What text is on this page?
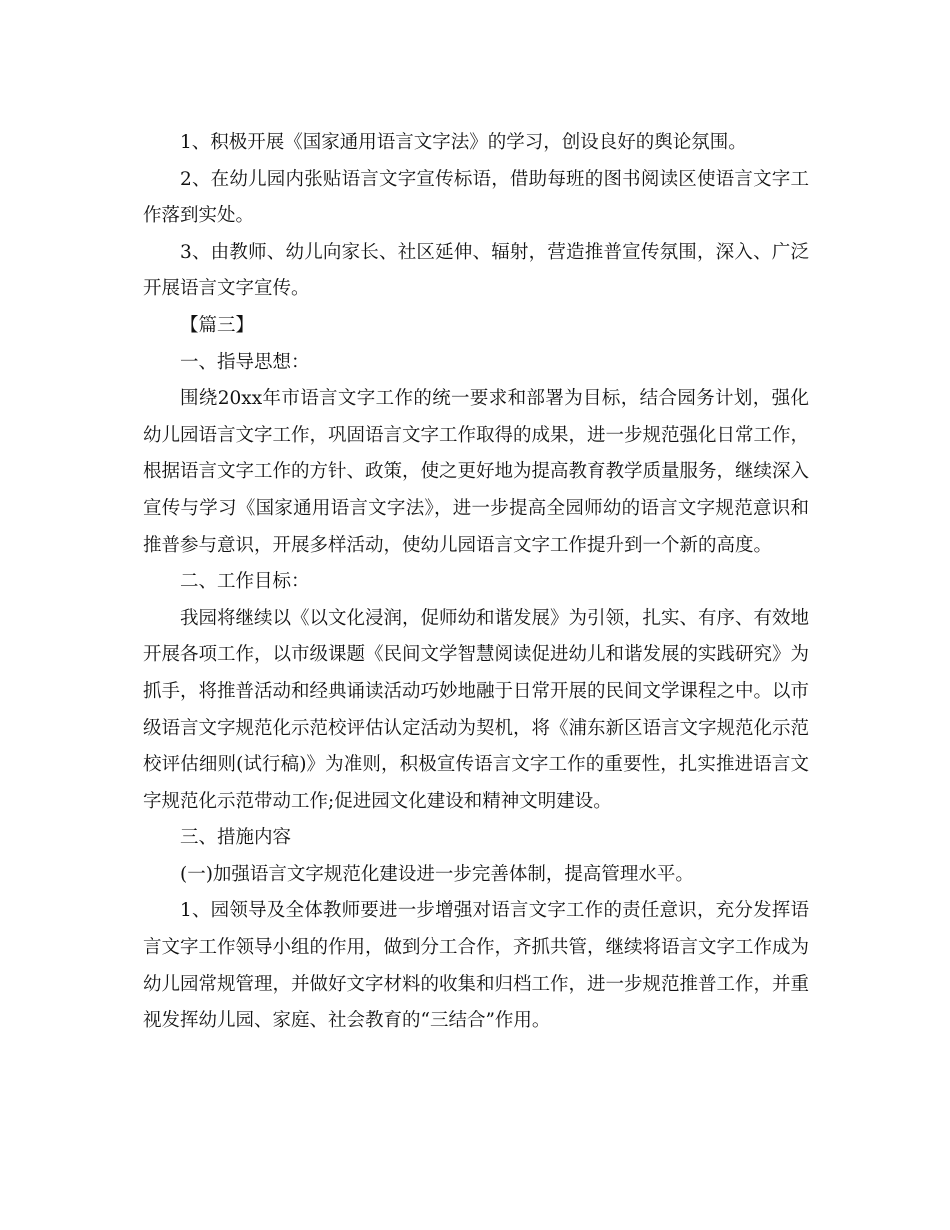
1、积极开展《国家通用语言文字法》的学习，创设良好的舆论氛围。

2、在幼儿园内张贴语言文字宣传标语，借助每班的图书阅读区使语言文字工作落到实处。

3、由教师、幼儿向家长、社区延伸、辐射，营造推普宣传氛围，深入、广泛开展语言文字宣传。

【篇三】

一、指导思想：

围绕20xx年市语言文字工作的统一要求和部署为目标，结合园务计划，强化幼儿园语言文字工作，巩固语言文字工作取得的成果，进一步规范强化日常工作，根据语言文字工作的方针、政策，使之更好地为提高教育教学质量服务，继续深入宣传与学习《国家通用语言文字法》，进一步提高全园师幼的语言文字规范意识和推普参与意识，开展多样活动，使幼儿园语言文字工作提升到一个新的高度。

二、工作目标：

我园将继续以《以文化浸润，促师幼和谐发展》为引领，扎实、有序、有效地开展各项工作，以市级课题《民间文学智慧阅读促进幼儿和谐发展的实践研究》为抓手，将推普活动和经典诵读活动巧妙地融于日常开展的民间文学课程之中。以市级语言文字规范化示范校评估认定活动为契机，将《浦东新区语言文字规范化示范校评估细则(试行稿)》为准则，积极宣传语言文字工作的重要性，扎实推进语言文字规范化示范带动工作;促进园文化建设和精神文明建设。

三、措施内容

(一)加强语言文字规范化建设进一步完善体制，提高管理水平。

1、园领导及全体教师要进一步增强对语言文字工作的责任意识，充分发挥语言文字工作领导小组的作用，做到分工合作，齐抓共管，继续将语言文字工作成为幼儿园常规管理，并做好文字材料的收集和归档工作，进一步规范推普工作，并重视发挥幼儿园、家庭、社会教育的“三结合”作用。
